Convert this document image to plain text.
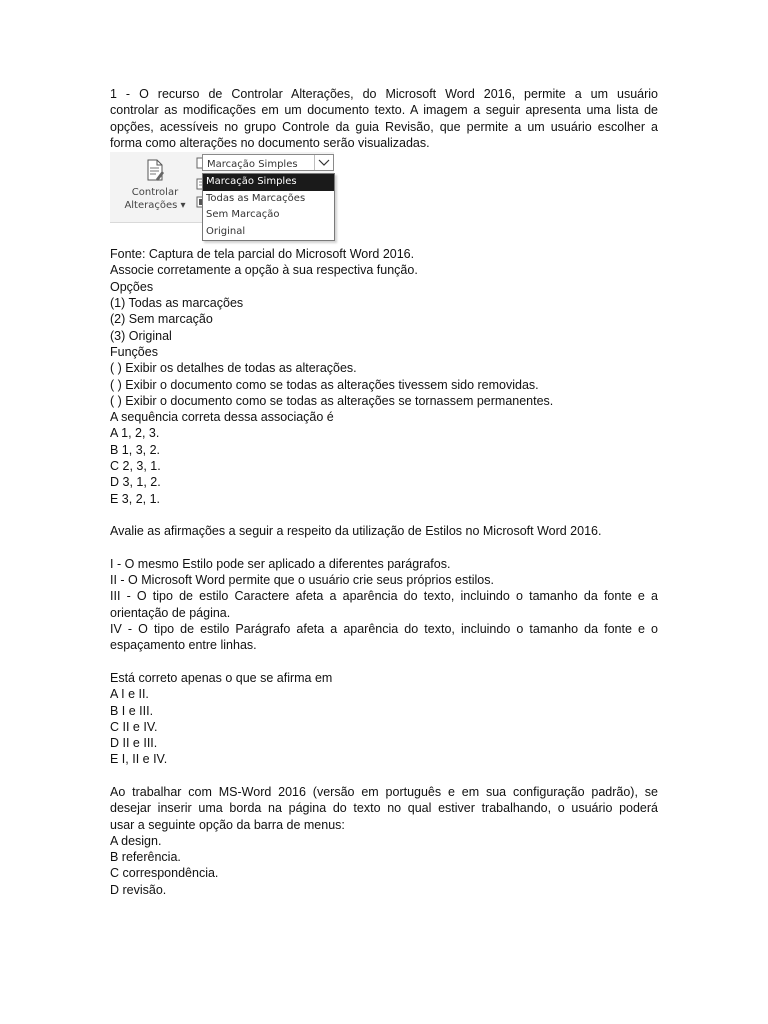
1 - O recurso de Controlar Alterações, do Microsoft Word 2016, permite a um usuário
controlar as modificações em um documento texto. A imagem a seguir apresenta uma lista de
opções, acessíveis no grupo Controle da guia Revisão, que permite a um usuário escolher a
forma como alterações no documento serão visualizadas.
Controlar
Alterações ▾
Marcação Simples
Marcação Simples
Todas as Marcações
Sem Marcação
Original
Fonte: Captura de tela parcial do Microsoft Word 2016.
Associe corretamente a opção à sua respectiva função.
Opções
(1) Todas as marcações
(2) Sem marcação
(3) Original
Funções
( ) Exibir os detalhes de todas as alterações.
( ) Exibir o documento como se todas as alterações tivessem sido removidas.
( ) Exibir o documento como se todas as alterações se tornassem permanentes.
A sequência correta dessa associação é
A 1, 2, 3.
B 1, 3, 2.
C 2, 3, 1.
D 3, 1, 2.
E 3, 2, 1.
Avalie as afirmações a seguir a respeito da utilização de Estilos no Microsoft Word 2016.
I - O mesmo Estilo pode ser aplicado a diferentes parágrafos.
II - O Microsoft Word permite que o usuário crie seus próprios estilos.
III - O tipo de estilo Caractere afeta a aparência do texto, incluindo o tamanho da fonte e a
orientação de página.
IV - O tipo de estilo Parágrafo afeta a aparência do texto, incluindo o tamanho da fonte e o
espaçamento entre linhas.
Está correto apenas o que se afirma em
A I e II.
B I e III.
C II e IV.
D II e III.
E I, II e IV.
Ao trabalhar com MS-Word 2016 (versão em português e em sua configuração padrão), se
desejar inserir uma borda na página do texto no qual estiver trabalhando, o usuário poderá
usar a seguinte opção da barra de menus:
A design.
B referência.
C correspondência.
D revisão.
